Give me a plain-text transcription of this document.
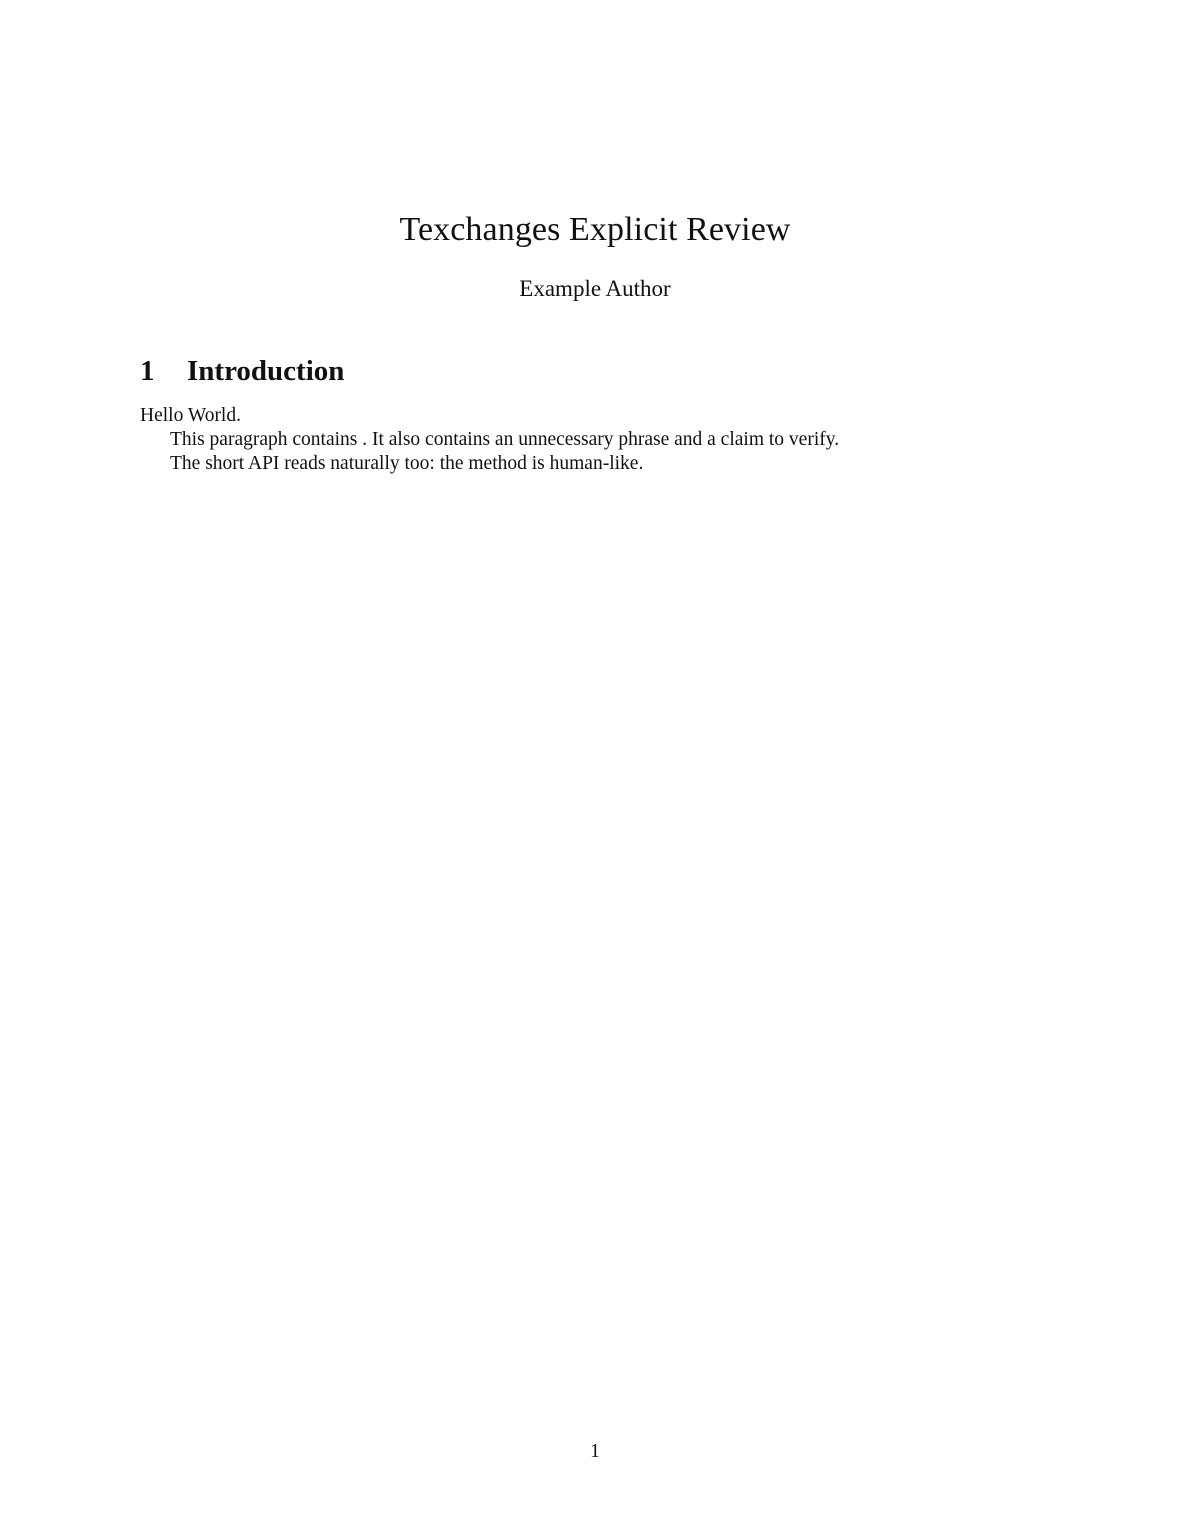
Texchanges Explicit Review
Example Author
1 Introduction

Hello World.

This paragraph contains . It also contains an unnecessary phrase and a claim to verify.

The short API reads naturally too: the method is human-like.

1
